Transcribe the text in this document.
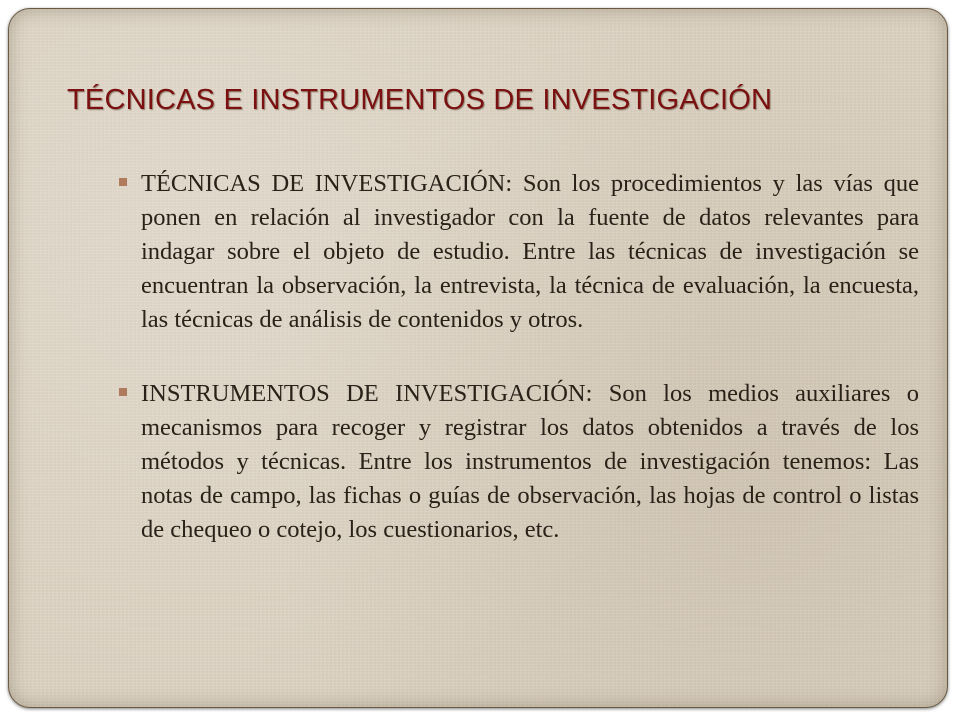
TÉCNICAS E INSTRUMENTOS DE INVESTIGACIÓN
TÉCNICAS DE INVESTIGACIÓN: Son los procedimientos y las vías que ponen en relación al investigador con la fuente de datos relevantes para indagar sobre el objeto de estudio. Entre las técnicas de investigación se encuentran la observación, la entrevista, la técnica de evaluación, la encuesta, las técnicas de análisis de contenidos y otros.
INSTRUMENTOS DE INVESTIGACIÓN: Son los medios auxiliares o mecanismos para recoger y registrar los datos obtenidos a través de los métodos y técnicas. Entre los instrumentos de investigación tenemos: Las notas de campo, las fichas o guías de observación, las hojas de control o listas de chequeo o cotejo, los cuestionarios, etc.
